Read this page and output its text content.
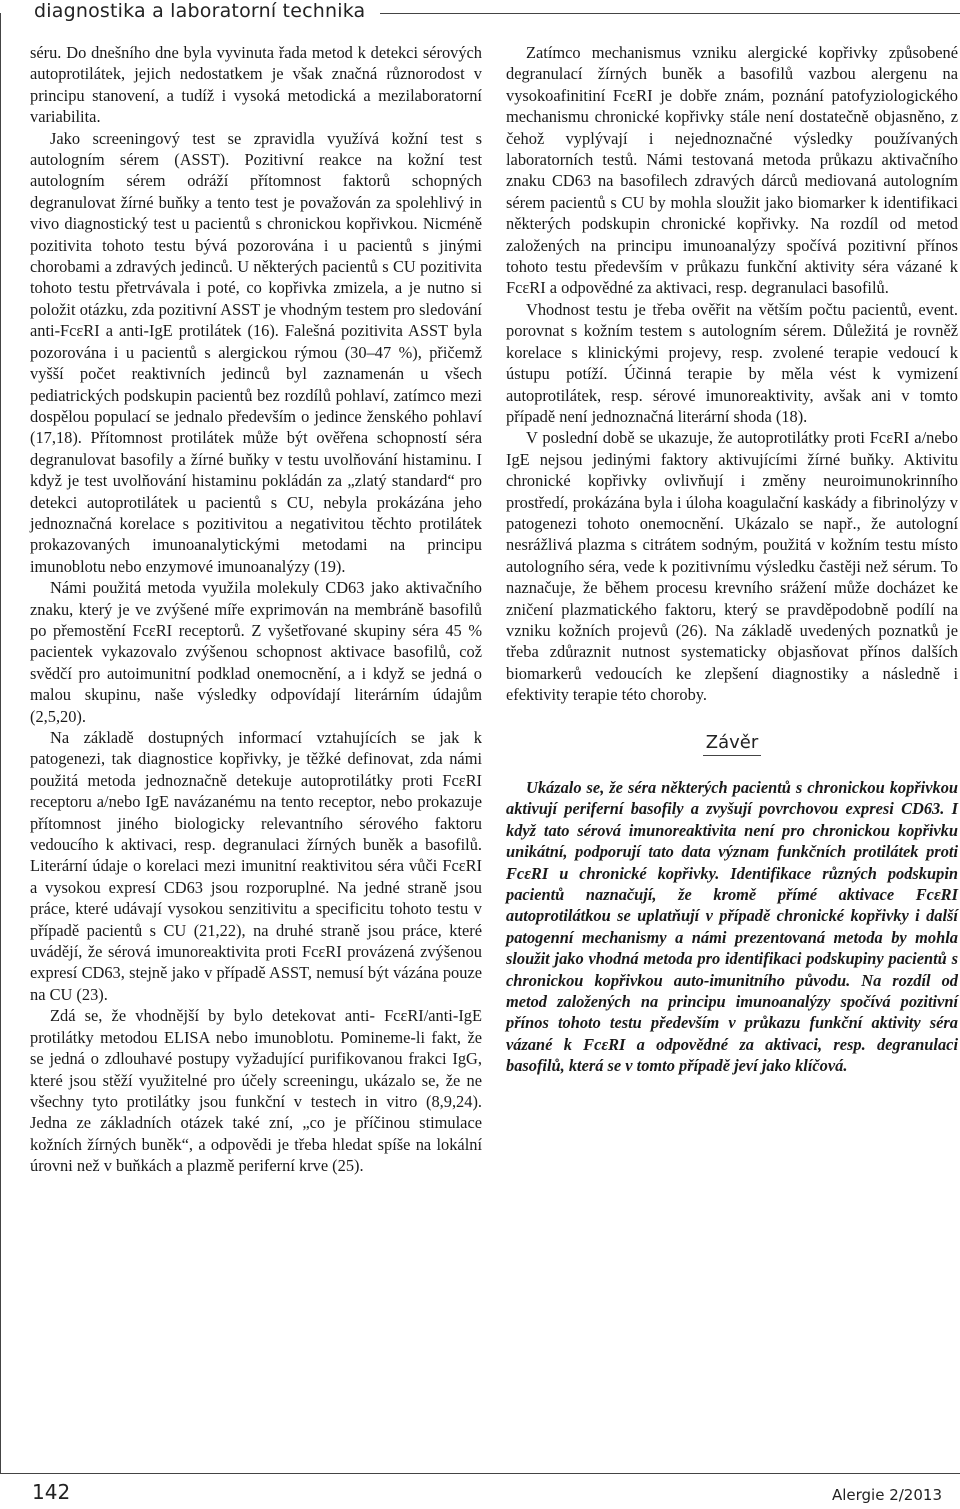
diagnostika a laboratorní technika

séru. Do dnešního dne byla vyvinuta řada metod k detekci sérových autoprotilátek, jejich nedostatkem je však značná různorodost v principu stanovení, a tudíž i vysoká metodická a mezilaboratorní variabilita.

Jako screeningový test se zpravidla využívá kožní test s autologním sérem (ASST). Pozitivní reakce na kožní test autologním sérem odráží přítomnost faktorů schopných degranulovat žírné buňky a tento test je považován za spolehlivý in vivo diagnostický test u pacientů s chronickou kopřivkou. Nicméně pozitivita tohoto testu bývá pozorována i u pacientů s jinými chorobami a zdravých jedinců. U některých pacientů s CU pozitivita tohoto testu přetrvávala i poté, co kopřivka zmizela, a je nutno si položit otázku, zda pozitivní ASST je vhodným testem pro sledování anti-FcεRI a anti-IgE protilátek (16). Falešná pozitivita ASST byla pozorována i u pacientů s alergickou rýmou (30–47 %), přičemž vyšší počet reaktivních jedinců byl zaznamenán u všech pediatrických podskupin pacientů bez rozdílů pohlaví, zatímco mezi dospělou populací se jednalo především o jedince ženského pohlaví (17,18). Přítomnost protilátek může být ověřena schopností séra degranulovat basofily a žírné buňky v testu uvolňování histaminu. I když je test uvolňování histaminu pokládán za „zlatý standard“ pro detekci autoprotilátek u pacientů s CU, nebyla prokázána jeho jednoznačná korelace s pozitivitou a negativitou těchto protilátek prokazovaných imunoanalytickými metodami na principu imunoblotu nebo enzymové imunoanalýzy (19).

Námi použitá metoda využila molekuly CD63 jako aktivačního znaku, který je ve zvýšené míře exprimován na membráně basofilů po přemostění FcεRI receptorů. Z vyšetřované skupiny séra 45 % pacientek vykazovalo zvýšenou schopnost aktivace basofilů, což svědčí pro autoimunitní podklad onemocnění, a i když se jedná o malou skupinu, naše výsledky odpovídají literárním údajům (2,5,20).

Na základě dostupných informací vztahujících se jak k patogenezi, tak diagnostice kopřivky, je těžké definovat, zda námi použitá metoda jednoznačně detekuje autoprotilátky proti FcεRI receptoru a/nebo IgE navázanému na tento receptor, nebo prokazuje přítomnost jiného biologicky relevantního sérového faktoru vedoucího k aktivaci, resp. degranulaci žírných buněk a basofilů. Literární údaje o korelaci mezi imunitní reaktivitou séra vůči FcεRI a vysokou expresí CD63 jsou rozporuplné. Na jedné straně jsou práce, které udávají vysokou senzitivitu a specificitu tohoto testu v případě pacientů s CU (21,22), na druhé straně jsou práce, které uvádějí, že sérová imunoreaktivita proti FcεRI provázená zvýšenou expresí CD63, stejně jako v případě ASST, nemusí být vázána pouze na CU (23).

Zdá se, že vhodnější by bylo detekovat anti- FcεRI/anti-IgE protilátky metodou ELISA nebo imunoblotu. Pomineme-li fakt, že se jedná o zdlouhavé postupy vyžadující purifikovanou frakci IgG, které jsou stěží využitelné pro účely screeningu, ukázalo se, že ne všechny tyto protilátky jsou funkční v testech in vitro (8,9,24). Jedna ze základních otázek také zní, „co je příčinou stimulace kožních žírných buněk“, a odpovědi je třeba hledat spíše na lokální úrovni než v buňkách a plazmě periferní krve (25).

Zatímco mechanismus vzniku alergické kopřivky způsobené degranulací žírných buněk a basofilů vazbou alergenu na vysokoafinitiní FcεRI je dobře znám, poznání patofyziologického mechanismu chronické kopřivky stále není dostatečně objasněno, z čehož vyplývají i nejednoznačné výsledky používaných laboratorních testů. Námi testovaná metoda průkazu aktivačního znaku CD63 na basofilech zdravých dárců mediovaná autologním sérem pacientů s CU by mohla sloužit jako biomarker k identifikaci některých podskupin chronické kopřivky. Na rozdíl od metod založených na principu imunoanalýzy spočívá pozitivní přínos tohoto testu především v průkazu funkční aktivity séra vázané k FcεRI a odpovědné za aktivaci, resp. degranulaci basofilů.

Vhodnost testu je třeba ověřit na větším počtu pacientů, event. porovnat s kožním testem s autologním sérem. Důležitá je rovněž korelace s klinickými projevy, resp. zvolené terapie vedoucí k ústupu potíží. Účinná terapie by měla vést k vymizení autoprotilátek, resp. sérové imunoreaktivity, avšak ani v tomto případě není jednoznačná literární shoda (18).

V poslední době se ukazuje, že autoprotilátky proti FcεRI a/nebo IgE nejsou jedinými faktory aktivujícími žírné buňky. Aktivitu chronické kopřivky ovlivňují i změny neuroimunokrinního prostředí, prokázána byla i úloha koagulační kaskády a fibrinolýzy v patogenezi tohoto onemocnění. Ukázalo se např., že autologní nesrážlivá plazma s citrátem sodným, použitá v kožním testu místo autologního séra, vede k pozitivnímu výsledku častěji než sérum. To naznačuje, že během procesu krevního srážení může docházet ke zničení plazmatického faktoru, který se pravděpodobně podílí na vzniku kožních projevů (26). Na základě uvedených poznatků je třeba zdůraznit nutnost systematicky objasňovat přínos dalších biomarkerů vedoucích ke zlepšení diagnostiky a následně i efektivity terapie této choroby.

Závěr

Ukázalo se, že séra některých pacientů s chronickou kopřivkou aktivují periferní basofily a zvyšují povrchovou expresi CD63. I když tato sérová imunoreaktivita není pro chronickou kopřivku unikátní, podporují tato data význam funkčních protilátek proti FcεRI u chronické kopřivky. Identifikace různých podskupin pacientů naznačují, že kromě přímé aktivace FcεRI autoprotilátkou se uplatňují v případě chronické kopřivky i další patogenní mechanismy a námi prezentovaná metoda by mohla sloužit jako vhodná metoda pro identifikaci podskupiny pacientů s chronickou kopřivkou auto-imunitního původu. Na rozdíl od metod založených na principu imunoanalýzy spočívá pozitivní přínos tohoto testu především v průkazu funkční aktivity séra vázané k FcεRI a odpovědné za aktivaci, resp. degranulaci basofilů, která se v tomto případě jeví jako klíčová.

142	Alergie 2/2013
